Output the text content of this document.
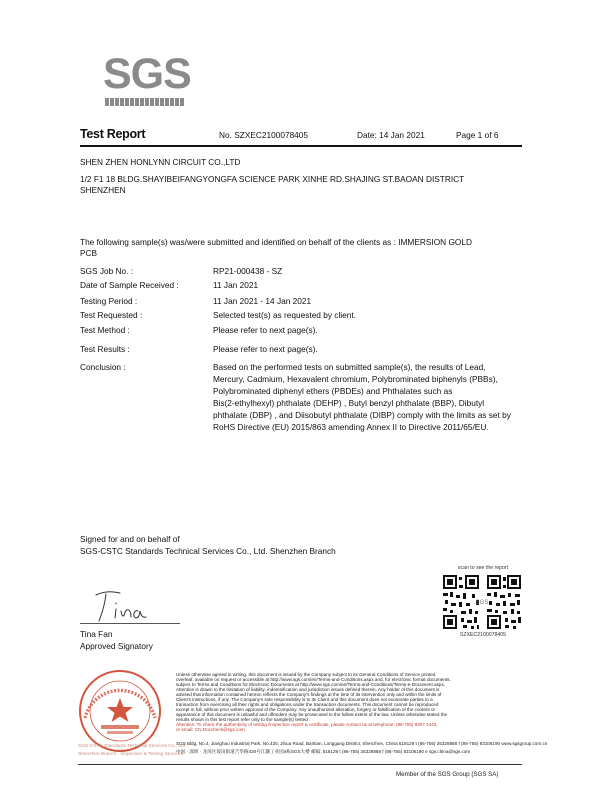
SGS
Test Report	No. SZXEC2100078405	Date: 14 Jan 2021	Page 1 of 6
SHEN ZHEN HONLYNN CIRCUIT CO.,LTD
1/2 F1 18 BLDG.SHAYIBEIFANGYONGFA SCIENCE PARK XINHE RD.SHAJING ST.BAOAN DISTRICT
SHENZHEN
The following sample(s) was/were submitted and identified on behalf of the clients as : IMMERSION GOLD
PCB
SGS Job No. :	RP21-000438 - SZ
Date of Sample Received :	11 Jan 2021
Testing Period :	11 Jan 2021 - 14 Jan 2021
Test Requested :	Selected test(s) as requested by client.
Test Method :	Please refer to next page(s).
Test Results :	Please refer to next page(s).
Conclusion :	Based on the performed tests on submitted sample(s), the results of Lead,
Mercury, Cadmium, Hexavalent chromium, Polybrominated biphenyls (PBBs),
Polybrominated diphenyl ethers (PBDEs) and Phthalates such as
Bis(2-ethylhexyl) phthalate (DEHP) , Butyl benzyl phthalate (BBP), Dibutyl
phthalate (DBP) , and Diisobutyl phthalate (DIBP) comply with the limits as set by
RoHS Directive (EU) 2015/863 amending Annex II to Directive 2011/65/EU.
Signed for and on behalf of
SGS-CSTC Standards Technical Services Co., Ltd. Shenzhen Branch
Tina Fan
Approved Signatory
scan to see the report
SGS
SZXEC2100078405
SGS-CSTC Standards Technical Services Co., Ltd.
Shenzhen Branch - Inspection & Testing Services
Unless otherwise agreed in writing, this document is issued by the Company subject to its General Conditions of Service printed
overleaf, available on request or accessible at http://www.sgs.com/en/Terms-and-Conditions.aspx and, for electronic format documents,
subject to Terms and Conditions for Electronic Documents at http://www.sgs.com/en/Terms-and-Conditions/Terms-e-Document.aspx.
Attention is drawn to the limitation of liability, indemnification and jurisdiction issues defined therein. Any holder of this document is
advised that information contained hereon reflects the Company's findings at the time of its intervention only and within the limits of
Client's instructions, if any. The Company's sole responsibility is to its Client and this document does not exonerate parties to a
transaction from exercising all their rights and obligations under the transaction documents. This document cannot be reproduced
except in full, without prior written approval of the Company. Any unauthorized alteration, forgery or falsification of the content or
appearance of this document is unlawful and offenders may be prosecuted to the fullest extent of the law. Unless otherwise stated the
results shown in this test report refer only to the sample(s) tested .
Attention: To check the authenticity of testing /inspection report & certificate, please contact us at telephone: (86-755) 8307 1443,
or email: CN.Doccheck@sgs.com
SGS Bldg, No.4, Jianghao Industrial Park, No.430, Jihua Road, Bantian, Longgang District, Shenzhen, China 518129 t (86-755) 25328888 f (86-755) 83106190 www.sgsgroup.com.cn
中国 · 深圳 · 龙岗区坂田街道吉华路430号江灏工业园4栋SGS大楼 邮编: 518129 t (86-755) 25328888 f (86-755) 83106190 e sgs.china@sgs.com
Member of the SGS Group (SGS SA)
